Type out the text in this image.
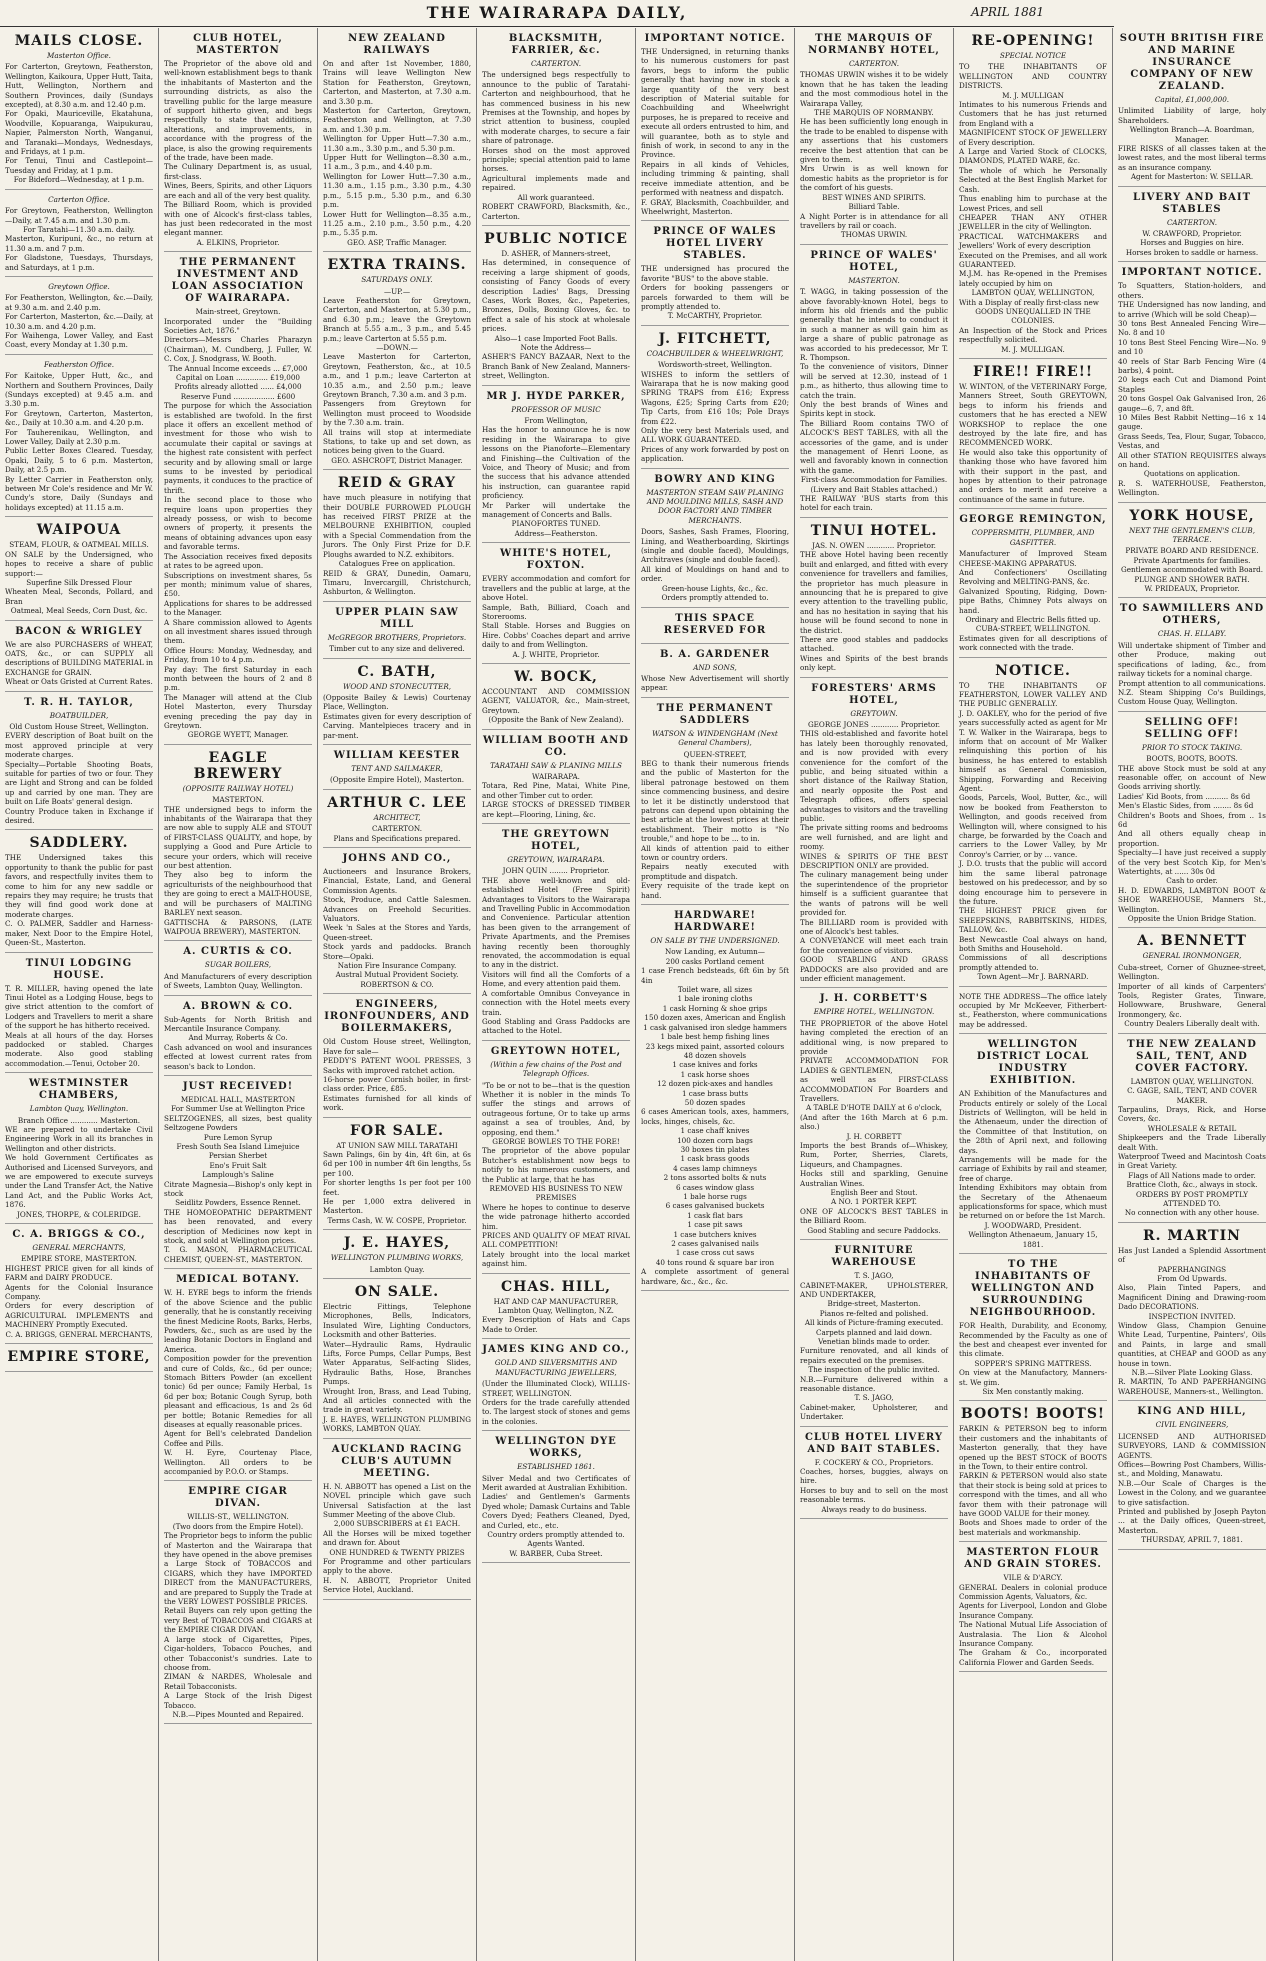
THE WAIRARAPA DAILY,	APRIL 1881
MAILS CLOSE.
Masterton Office.

For Carterton, Greytown, Featherston, Wellington, Kaikoura, Upper Hutt, Taita, Hutt, Wellington, Northern and Southern Provinces, daily (Sundays excepted), at 8.30 a.m. and 12.40 p.m.

For Opaki, Mauriceville, Ekatahuna, Woodville, Kopuaranga, Waipukurau, Napier, Palmerston North, Wanganui, and Taranaki—Mondays, Wednesdays, and Fridays, at 1 p.m.

For Tenui, Tinui and Castlepoint—Tuesday and Friday, at 1 p.m.

For Bideford—Wednesday, at 1 p.m.

Carterton Office.

For Greytown, Featherston, Wellington—Daily, at 7.45 a.m. and 1.30 p.m.

For Taratahi—11.30 a.m. daily.

Masterton, Kuripuni, &c., no return at 11.30 a.m. and 7 p.m.

For Gladstone, Tuesdays, Thursdays, and Saturdays, at 1 p.m.

Greytown Office.

For Featherston, Wellington, &c.—Daily, at 9.30 a.m. and 2.40 p.m.

For Carterton, Masterton, &c.—Daily, at 10.30 a.m. and 4.20 p.m.

For Waihenga, Lower Valley, and East Coast, every Monday at 1.30 p.m.

Featherston Office.

For Kaitoke, Upper Hutt, &c., and Northern and Southern Provinces, Daily (Sundays excepted) at 9.45 a.m. and 3.30 p.m.

For Greytown, Carterton, Masterton, &c., Daily at 10.30 a.m. and 4.20 p.m.

For Tauherenikau, Wellington, and Lower Valley, Daily at 2.30 p.m.

Public Letter Boxes Cleared. Tuesday, Opaki, Daily, 5 to 6 p.m. Masterton, Daily, at 2.5 p.m.

By Letter Carrier in Featherston only, between Mr Cole's residence and Mr W. Cundy's store, Daily (Sundays and holidays excepted) at 11.15 a.m.

WAIPOUA

STEAM, FLOUR, & OATMEAL MILLS.

ON SALE by the Undersigned, who hopes to receive a share of public support:—

Superfine Silk Dressed Flour

Wheaten Meal, Seconds, Pollard, and Bran

Oatmeal, Meal Seeds, Corn Dust, &c.

BACON & WRIGLEY

We are also PURCHASERS of WHEAT, OATS, &c., or can SUPPLY all descriptions of BUILDING MATERIAL in EXCHANGE for GRAIN.

Wheat or Oats Gristed at Current Rates.

T. R. H. TAYLOR,
BOATBUILDER,

Old Custom House Street, Wellington.

EVERY description of Boat built on the most approved principle at very moderate charges.

Specialty—Portable Shooting Boats, suitable for parties of two or four. They are Light and Strong and can be folded up and carried by one man. They are built on Life Boats' general design.

Country Produce taken in Exchange if desired.

SADDLERY.

THE Undersigned takes this opportunity to thank the public for past favors, and respectfully invites them to come to him for any new saddle or repairs they may require; he trusts that they will find good work done at moderate charges.

C. O. PALMER, Saddler and Harness-maker, Next Door to the Empire Hotel, Queen-St., Masterton.

TINUI LODGING HOUSE.

T. R. MILLER, having opened the late Tinui Hotel as a Lodging House, begs to give strict attention to the comfort of Lodgers and Travellers to merit a share of the support he has hitherto received.

Meals at all hours of the day. Horses paddocked or stabled. Charges moderate. Also good stabling accommodation.—Tenui, October 20.

WESTMINSTER CHAMBERS,
Lambton Quay, Wellington.

Branch Office ............ Masterton.

WE are prepared to undertake Civil Engineering Work in all its branches in Wellington and other districts.

We hold Government Certificates as Authorised and Licensed Surveyors, and we are empowered to execute surveys under the Land Transfer Act, the Native Land Act, and the Public Works Act, 1876.

JONES, THORPE, & COLERIDGE.

C. A. BRIGGS & CO.,
GENERAL MERCHANTS,

EMPIRE STORE, MASTERTON.

HIGHEST PRICE given for all kinds of FARM and DAIRY PRODUCE.

Agents for the Colonial Insurance Company.

Orders for every description of AGRICULTURAL IMPLEMENTS and MACHINERY Promptly Executed.

C. A. BRIGGS, GENERAL MERCHANTS,

EMPIRE STORE,
CLUB HOTEL, MASTERTON

The Proprietor of the above old and well-known establishment begs to thank the inhabitants of Masterton and the surrounding districts, as also the travelling public for the large measure of support hitherto given, and begs respectfully to state that additions, alterations, and improvements, in accordance with the progress of the place, is also the growing requirements of the trade, have been made.

The Culinary Department is, as usual, first-class.

Wines, Beers, Spirits, and other Liquors are each and all of the very best quality.

The Billiard Room, which is provided with one of Alcock's first-class tables, has just been redecorated in the most elegant manner.

A. ELKINS, Proprietor.

THE PERMANENT INVESTMENT AND LOAN ASSOCIATION OF WAIRARAPA.

Main-street, Greytown.

Incorporated under the "Building Societies Act, 1876."

Directors—Messrs Charles Pharazyn (Chairman), M. Cundberg, J. Fuller, W. C. Cox, J. Snodgrass, W. Booth.

The Annual Income exceeds ... £7,000

Capital on Loan .............. £19,000

Profits already allotted ...... £4,000

Reserve Fund .................. £600

The purpose for which the Association is established are twofold. In the first place it offers an excellent method of investment for those who wish to accumulate their capital or savings at the highest rate consistent with perfect security and by allowing small or large sums to be invested by periodical payments, it conduces to the practice of thrift.

In the second place to those who require loans upon properties they already possess, or wish to become owners of property, it presents the means of obtaining advances upon easy and favorable terms.

The Association receives fixed deposits at rates to be agreed upon.

Subscriptions on investment shares, 5s per month; minimum value of shares, £50.

Applications for shares to be addressed to the Manager.

A Share commission allowed to Agents on all investment shares issued through them.

Office Hours: Monday, Wednesday, and Friday, from 10 to 4 p.m.

Pay day: The first Saturday in each month between the hours of 2 and 8 p.m.

The Manager will attend at the Club Hotel Masterton, every Thursday evening preceding the pay day in Greytown.

GEORGE WYETT, Manager.

EAGLE BREWERY
(OPPOSITE RAILWAY HOTEL)

MASTERTON.

THE undersigned begs to inform the inhabitants of the Wairarapa that they are now able to supply ALE and STOUT of FIRST-CLASS QUALITY, and hope, by supplying a Good and Pure Article to secure your orders, which will receive our best attention.

They also beg to inform the agriculturists of the neighbourhood that they are going to erect a MALT-HOUSE, and will be purchasers of MALTING BARLEY next season.

GATTISCHA & PARSONS, (LATE WAIPOUA BREWERY), MASTERTON.

A. CURTIS & CO.
SUGAR BOILERS,

And Manufacturers of every description of Sweets, Lambton Quay, Wellington.

A. BROWN & CO.

Sub-Agents for North British and Mercantile Insurance Company.

And Murray, Roberts & Co.

Cash advanced on wool and insurances effected at lowest current rates from season's back to London.

JUST RECEIVED!

MEDICAL HALL, MASTERTON

For Summer Use at Wellington Price

SELTZOGENES, all sizes, best quality Seltzogene Powders

Pure Lemon Syrup

Fresh South Sea Island Limejuice

Persian Sherbet

Eno's Fruit Salt

Lamplough's Saline

Citrate Magnesia—Bishop's only kept in stock

Seidlitz Powders, Essence Rennet.

THE HOMOEOPATHIC DEPARTMENT has been renovated, and every description of Medicines now kept in stock, and sold at Wellington prices.

T. G. MASON, PHARMACEUTICAL CHEMIST, QUEEN-ST., MASTERTON.

MEDICAL BOTANY.

W. H. EYRE begs to inform the friends of the above Science and the public generally, that he is constantly receiving the finest Medicine Roots, Barks, Herbs, Powders, &c., such as are used by the leading Botanic Doctors in England and America.

Composition powder for the prevention and cure of Colds, &c., 6d per ounce; Stomach Bitters Powder (an excellent tonic) 6d per ounce; Family Herbal, 1s 6d per box; Botanic Cough Syrup, both pleasant and efficacious, 1s and 2s 6d per bottle; Botanic Remedies for all diseases at equally reasonable prices.

Agent for Bell's celebrated Dandelion Coffee and Pills.

W. H. Eyre, Courtenay Place, Wellington. All orders to be accompanied by P.O.O. or Stamps.

EMPIRE CIGAR DIVAN.

WILLIS-ST., WELLINGTON.

(Two doors from the Empire Hotel).

The Proprietor begs to inform the public of Masterton and the Wairarapa that they have opened in the above premises a Large Stock of TOBACCOS and CIGARS, which they have IMPORTED DIRECT from the MANUFACTURERS, and are prepared to Supply the Trade at the VERY LOWEST POSSIBLE PRICES.

Retail Buyers can rely upon getting the very Best of TOBACCOS and CIGARS at the EMPIRE CIGAR DIVAN.

A large stock of Cigarettes, Pipes, Cigar-holders, Tobacco Pouches, and other Tobacconist's sundries. Late to choose from.

ZIMAN & NARDES, Wholesale and Retail Tobacconists.

A Large Stock of the Irish Digest Tobacco.

N.B.—Pipes Mounted and Repaired.

NEW ZEALAND RAILWAYS

On and after 1st November, 1880, Trains will leave Wellington New Station for Featherston, Greytown, Carterton, and Masterton, at 7.30 a.m. and 3.30 p.m.

Masterton for Carterton, Greytown, Featherston and Wellington, at 7.30 a.m. and 1.30 p.m.

Wellington for Upper Hutt—7.30 a.m., 11.30 a.m., 3.30 p.m., and 5.30 p.m.

Upper Hutt for Wellington—8.30 a.m., 11 a.m., 3 p.m., and 4.40 p.m.

Wellington for Lower Hutt—7.30 a.m., 11.30 a.m., 1.15 p.m., 3.30 p.m., 4.30 p.m., 5.15 p.m., 5.30 p.m., and 6.30 p.m.

Lower Hutt for Wellington—8.35 a.m., 11.25 a.m., 2.10 p.m., 3.50 p.m., 4.20 p.m., 5.35 p.m.

GEO. ASP, Traffic Manager.

EXTRA TRAINS.
SATURDAYS ONLY.

—UP.—

Leave Featherston for Greytown, Carterton, and Masterton, at 5.30 p.m., and 6.30 p.m.; leave the Greytown Branch at 5.55 a.m., 3 p.m., and 5.45 p.m.; leave Carterton at 5.55 p.m.

—DOWN.—

Leave Masterton for Carterton, Greytown, Featherston, &c., at 10.5 a.m., and 1 p.m.; leave Carterton at 10.35 a.m., and 2.50 p.m.; leave Greytown Branch, 7.30 a.m. and 3 p.m.

Passengers from Greytown for Wellington must proceed to Woodside by the 7.30 a.m. train.

All trains will stop at intermediate Stations, to take up and set down, as notices being given to the Guard.

GEO. ASHCROFT, District Manager.

REID & GRAY

have much pleasure in notifying that their DOUBLE FURROWED PLOUGH has received FIRST PRIZE at the MELBOURNE EXHIBITION, coupled with a Special Commendation from the Jurors. The Only First Prize for D.F. Ploughs awarded to N.Z. exhibitors.

Catalogues Free on application.

REID & GRAY, Dunedin, Oamaru, Timaru, Invercargill, Christchurch, Ashburton, & Wellington.

UPPER PLAIN SAW MILL
McGREGOR BROTHERS, Proprietors.

Timber cut to any size and delivered.

C. BATH,
WOOD AND STONECUTTER,

(Opposite Bailey & Lewis) Courtenay Place, Wellington.

Estimates given for every description of Carving. Mantelpieces tracery and in par-ment.

WILLIAM KEESTER
TENT AND SAILMAKER,

(Opposite Empire Hotel), Masterton.

ARTHUR C. LEE
ARCHITECT,

CARTERTON.

Plans and Specifications prepared.

JOHNS AND CO.,

Auctioneers and Insurance Brokers, Financial, Estate, Land, and General Commission Agents.

Stock, Produce, and Cattle Salesmen. Advances on Freehold Securities. Valuators.

Week 'n Sales at the Stores and Yards, Queen-street.

Stock yards and paddocks. Branch Store—Opaki.

Nation Fire Insurance Company.

Austral Mutual Provident Society.

ROBERTSON & CO.

ENGINEERS, IRONFOUNDERS, AND BOILERMAKERS,

Old Custom House street, Wellington, Have for sale—

PEDDY'S PATENT WOOL PRESSES, 3 Sacks with improved ratchet action.

16-horse power Cornish boiler, in first-class order. Price, £85.

Estimates furnished for all kinds of work.

FOR SALE.

AT UNION SAW MILL TARATAHI

Sawn Palings, 6in by 4in, 4ft 6in, at 6s 6d per 100 in number 4ft 6in lengths, 5s per 100.

For shorter lengths 1s per foot per 100 feet.

He per 1,000 extra delivered in Masterton.

Terms Cash, W. W. COSPE, Proprietor.

J. E. HAYES,
WELLINGTON PLUMBING WORKS,

Lambton Quay.

ON SALE.

Electric Fittings, Telephone Microphones, Bells, Indicators, Insulated Wire, Lighting Conductors, Locksmith and other Batteries.

Water—Hydraulic Rams, Hydraulic Lifts, Force Pumps, Cellar Pumps, Best Water Apparatus, Self-acting Slides, Hydraulic Baths, Hose, Branches Pumps.

Wrought Iron, Brass, and Lead Tubing, And all articles connected with the trade in great variety.

J. E. HAYES, WELLINGTON PLUMBING WORKS, LAMBTON QUAY.

AUCKLAND RACING CLUB'S AUTUMN MEETING.

H. N. ABBOTT has opened a List on the NOVEL principle which gave such Universal Satisfaction at the last Summer Meeting of the above Club.

2,000 SUBSCRIBERS at £1 EACH.

All the Horses will be mixed together and drawn for. About

ONE HUNDRED & TWENTY PRIZES

For Programme and other particulars apply to the above.

H. N. ABBOTT, Proprietor United Service Hotel, Auckland.

BLACKSMITH, FARRIER, &c.
CARTERTON.

The undersigned begs respectfully to announce to the public of Taratahi-Carterton and neighbourhood, that he has commenced business in his new Premises at the Township, and hopes by strict attention to business, coupled with moderate charges, to secure a fair share of patronage.

Horses shod on the most approved principle; special attention paid to lame horses.

Agricultural implements made and repaired.

All work guaranteed.

ROBERT CRAWFORD, Blacksmith, &c., Carterton.

PUBLIC NOTICE

D. ASHER, of Manners-street,

Has determined, in consequence of receiving a large shipment of goods, consisting of Fancy Goods of every description Ladies' Bags, Dressing Cases, Work Boxes, &c., Papeteries, Bronzes, Dolls, Boxing Gloves, &c. to effect a sale of his stock at wholesale prices.

Also—1 case Imported Foot Balls.

Note the Address—

ASHER'S FANCY BAZAAR, Next to the Branch Bank of New Zealand, Manners-street, Wellington.

MR J. HYDE PARKER,
PROFESSOR OF MUSIC

From Wellington,

Has the honor to announce he is now residing in the Wairarapa to give lessons on the Pianoforte—Elementary and Finishing—the Cultivation of the Voice, and Theory of Music; and from the success that his advance attended his instruction, can guarantee rapid proficiency.

Mr Parker will undertake the management of Concerts and Balls.

PIANOFORTES TUNED.

Address—Featherston.

WHITE'S HOTEL, FOXTON.

EVERY accommodation and comfort for travellers and the public at large, at the above Hotel.

Sample, Bath, Billiard, Coach and Storerooms.

Stall Stable. Horses and Buggies on Hire. Cobbs' Coaches depart and arrive daily to and from Wellington.

A. J. WHITE, Proprietor.

W. BOCK,

ACCOUNTANT AND COMMISSION AGENT, VALUATOR, &c., Main-street, Greytown.

(Opposite the Bank of New Zealand).

WILLIAM BOOTH AND CO.
TARATAHI SAW & PLANING MILLS

WAIRARAPA.

Totara, Red Pine, Matai, White Pine, and other Timber cut to order.

LARGE STOCKS of DRESSED TIMBER are kept—Flooring, Lining, &c.

THE GREYTOWN HOTEL,
GREYTOWN, WAIRARAPA.

JOHN QUIN ........ Proprietor.

THE above well-known and old-established Hotel (Free Spirit) Advantages to Visitors to the Wairarapa and Travelling Public in Accommodation and Convenience. Particular attention has been given to the arrangement of Private Apartments, and the Premises having recently been thoroughly renovated, the accommodation is equal to any in the district.

Visitors will find all the Comforts of a Home, and every attention paid them.

A comfortable Omnibus Conveyance in connection with the Hotel meets every train.

Good Stabling and Grass Paddocks are attached to the Hotel.

GREYTOWN HOTEL,
(Within a few chains of the Post and Telegraph Offices.

"To be or not to be—that is the question Whether it is nobler in the minds To suffer the stings and arrows of outrageous fortune, Or to take up arms against a sea of troubles, And, by opposing, end them."

GEORGE BOWLES TO THE FORE!

The proprietor of the above popular Butcher's establishment now begs to notify to his numerous customers, and the Public at large, that he has

REMOVED HIS BUSINESS TO NEW PREMISES

Where he hopes to continue to deserve the wide patronage hitherto accorded him.

PRICES AND QUALITY OF MEAT RIVAL ALL COMPETITION!

Lately brought into the local market against him.

CHAS. HILL,

HAT AND CAP MANUFACTURER,

Lambton Quay, Wellington, N.Z.

Every Description of Hats and Caps Made to Order.

JAMES KING AND CO.,
GOLD AND SILVERSMITHS AND MANUFACTURING JEWELLERS,

(Under the Illuminated Clock), WILLIS-STREET, WELLINGTON.

Orders for the trade carefully attended to. The largest stock of stones and gems in the colonies.

WELLINGTON DYE WORKS,
ESTABLISHED 1861.

Silver Medal and two Certificates of Merit awarded at Australian Exhibition.

Ladies' and Gentlemen's Garments Dyed whole; Damask Curtains and Table Covers Dyed; Feathers Cleaned, Dyed, and Curled, etc., etc.

Country orders promptly attended to.

Agents Wanted.

W. BARBER, Cuba Street.

IMPORTANT NOTICE.

THE Undersigned, in returning thanks to his numerous customers for past favors, begs to inform the public generally that having now in stock a large quantity of the very best description of Material suitable for Coachbuilding and Wheelwright purposes, he is prepared to receive and execute all orders entrusted to him, and will guarantee, both as to style and finish of work, in second to any in the Province.

Repairs in all kinds of Vehicles, including trimming & painting, shall receive immediate attention, and be performed with neatness and dispatch.

F. GRAY, Blacksmith, Coachbuilder, and Wheelwright, Masterton.

PRINCE OF WALES HOTEL LIVERY STABLES.

THE undersigned has procured the favorite "BUS" to the above stable.

Orders for booking passengers or parcels forwarded to them will be promptly attended to.

T. McCARTHY, Proprietor.

J. FITCHETT,
COACHBUILDER & WHEELWRIGHT,

Wordsworth-street, Wellington.

WISHES to inform the settlers of Wairarapa that he is now making good SPRING TRAPS from £16; Express Wagons, £25; Spring Carts from £20; Tip Carts, from £16 10s; Pole Drays from £22.

Only the very best Materials used, and ALL WORK GUARANTEED.

Prices of any work forwarded by post on application.

BOWRY AND KING
MASTERTON STEAM SAW PLANING AND MOULDING MILLS, SASH AND DOOR FACTORY AND TIMBER MERCHANTS.

Doors, Sashes, Sash Frames, Flooring, Lining, and Weatherboarding, Skirtings (single and double faced), Mouldings, Architraves (single and double faced).

All kind of Mouldings on hand and to order.

Green-house Lights, &c., &c.

Orders promptly attended to.

THIS SPACE RESERVED FOR
B. A. GARDENER
AND SONS,

Whose New Advertisement will shortly appear.

THE PERMANENT SADDLERS
WATSON & WINDENGHAM (Next General Chambers),

QUEEN-STREET,

BEG to thank their numerous friends and the public of Masterton for the liberal patronage bestowed on them since commencing business, and desire to let it be distinctly understood that patrons can depend upon obtaining the best article at the lowest prices at their establishment. Their motto is "No trouble," and hope to be ... to in.

All kinds of attention paid to either town or country orders.

Repairs neatly executed with promptitude and dispatch.

Every requisite of the trade kept on hand.

HARDWARE! HARDWARE!
ON SALE BY THE UNDERSIGNED.

Now Landing, ex Autumn—

200 casks Portland cement

1 case French bedsteads, 6ft 6in by 5ft 4in

Toilet ware, all sizes

1 bale ironing cloths

1 cask Horning & shoe grips

150 dozen axes, American and English

1 cask galvanised iron sledge hammers

1 bale best hemp fishing lines

23 kegs mixed paint, assorted colours

48 dozen shovels

1 case knives and forks

1 cask horse shoes

12 dozen pick-axes and handles

1 case brass butts

50 dozen spades

6 cases American tools, axes, hammers, locks, hinges, chisels, &c.

1 case chaff knives

100 dozen corn bags

30 boxes tin plates

1 cask brass goods

4 cases lamp chimneys

2 tons assorted bolts & nuts

6 cases window glass

1 bale horse rugs

6 cases galvanised buckets

1 cask flat bars

1 case pit saws

1 case butchers knives

2 cases galvanised nails

1 case cross cut saws

40 tons round & square bar iron

A complete assortment of general hardware, &c., &c., &c.

THE MARQUIS OF NORMANBY HOTEL,
CARTERTON.

THOMAS URWIN wishes it to be widely known that he has taken the leading and the most commodious hotel in the Wairarapa Valley,

THE MARQUIS OF NORMANBY.

He has been sufficiently long enough in the trade to be enabled to dispense with any assertions that his customers receive the best attention that can be given to them.

Mrs Urwin is as well known for domestic habits as the proprietor is for the comfort of his guests.

BEST WINES AND SPIRITS.

Billiard Table.

A Night Porter is in attendance for all travellers by rail or coach.

THOMAS URWIN.

PRINCE OF WALES' HOTEL,
MASTERTON.

T. WAGG, in taking possession of the above favorably-known Hotel, begs to inform his old friends and the public generally that he intends to conduct it in such a manner as will gain him as large a share of public patronage as was accorded to his predecessor, Mr T. R. Thompson.

To the convenience of visitors, Dinner will be served at 12.30, instead of 1 p.m., as hitherto, thus allowing time to catch the train.

Only the best brands of Wines and Spirits kept in stock.

The Billiard Room contains TWO of ALCOCK'S BEST TABLES, with all the accessories of the game, and is under the management of Henri Loone, as well and favorably known in connection with the game.

First-class Accommodation for Families.

(Livery and Bait Stables attached.)

THE RAILWAY 'BUS starts from this hotel for each train.

TINUI HOTEL.

JAS. N. OWEN ............ Proprietor.

THE above Hotel having been recently built and enlarged, and fitted with every convenience for travellers and families, the proprietor has much pleasure in announcing that he is prepared to give every attention to the travelling public, and has no hesitation in saying that his house will be found second to none in the district.

There are good stables and paddocks attached.

Wines and Spirits of the best brands only kept.

FORESTERS' ARMS HOTEL,
GREYTOWN.

GEORGE JONES ............ Proprietor.

THIS old-established and favorite hotel has lately been thoroughly renovated, and is now provided with every convenience for the comfort of the public, and being situated within a short distance of the Railway Station, and nearly opposite the Post and Telegraph offices, offers special advantages to visitors and the travelling public.

The private sitting rooms and bedrooms are well furnished, and are light and roomy.

WINES & SPIRITS OF THE BEST DESCRIPTION ONLY are provided.

The culinary management being under the superintendence of the proprietor himself is a sufficient guarantee that the wants of patrons will be well provided for.

The BILLIARD room is provided with one of Alcock's best tables.

A CONVEYANCE will meet each train for the convenience of visitors.

GOOD STABLING AND GRASS PADDOCKS are also provided and are under efficient management.

J. H. CORBETT'S
EMPIRE HOTEL, WELLINGTON.

THE PROPRIETOR of the above Hotel having completed the erection of an additional wing, is now prepared to provide

PRIVATE ACCOMMODATION FOR LADIES & GENTLEMEN,

as well as FIRST-CLASS ACCOMMODATION For Boarders and Travellers.

A TABLE D'HOTE DAILY at 6 o'clock,

(And after the 16th March at 6 p.m. also.)

J. H. CORBETT

Imports the best Brands of—Whiskey, Rum, Porter, Sherries, Clarets, Liqueurs, and Champagnes.

Hocks still and sparkling, Genuine Australian Wines.

English Beer and Stout.

A NO. 1 PORTER KEPT.

ONE OF ALCOCK'S BEST TABLES in the Billiard Room.

Good Stabling and secure Paddocks.

FURNITURE WAREHOUSE

T. S. JAGO,

CABINET-MAKER, UPHOLSTERER, AND UNDERTAKER,

Bridge-street, Masterton.

Pianos re-felted and polished.

All kinds of Picture-framing executed.

Carpets planned and laid down.

Venetian blinds made to order.

Furniture renovated, and all kinds of repairs executed on the premises.

The inspection of the public invited.

N.B.—Furniture delivered within a reasonable distance.

T. S. JAGO,

Cabinet-maker, Upholsterer, and Undertaker.

CLUB HOTEL LIVERY AND BAIT STABLES.

F. COCKERY & CO., Proprietors.

Coaches, horses, buggies, always on hire.

Horses to buy and to sell on the most reasonable terms.

Always ready to do business.

RE-OPENING!
SPECIAL NOTICE

TO THE INHABITANTS OF WELLINGTON AND COUNTRY DISTRICTS.

M. J. MULLIGAN

Intimates to his numerous Friends and Customers that he has just returned from England with a

MAGNIFICENT STOCK OF JEWELLERY of Every description.

A Large and Varied Stock of CLOCKS, DIAMONDS, PLATED WARE, &c.

The whole of which he Personally Selected at the Best English Market for Cash.

Thus enabling him to purchase at the Lowest Prices, and sell

CHEAPER THAN ANY OTHER JEWELLER in the city of Wellington.

PRACTICAL WATCHMAKERS and Jewellers' Work of every description

Executed on the Premises, and all work GUARANTEED.

M.J.M. has Re-opened in the Premises lately occupied by him on

LAMBTON QUAY, WELLINGTON,

With a Display of really first-class new

GOODS UNEQUALLED IN THE COLONIES.

An Inspection of the Stock and Prices respectfully solicited.

M. J. MULLIGAN.

FIRE!! FIRE!!

W. WINTON, of the VETERINARY Forge, Manners Street, South GREYTOWN, begs to inform his friends and customers that he has erected a NEW WORKSHOP to replace the one destroyed by the late fire, and has RECOMMENCED WORK.

He would also take this opportunity of thanking those who have favored him with their support in the past, and hopes by attention to their patronage and orders to merit and receive a continuance of the same in future.

GEORGE REMINGTON,
COPPERSMITH, PLUMBER, AND GASFITTER.

Manufacturer of Improved Steam CHEESE-MAKING APPARATUS.

And Confectioners' Oscillating Revolving and MELTING-PANS, &c.

Galvanized Spouting, Ridging, Down-pipe Baths, Chimney Pots always on hand.

Ordinary and Electric Bells fitted up.

CUBA-STREET, WELLINGTON.

Estimates given for all descriptions of work connected with the trade.

NOTICE.

TO THE INHABITANTS OF FEATHERSTON, LOWER VALLEY AND THE PUBLIC GENERALLY.

J. D. OAKLEY, who for the period of five years successfully acted as agent for Mr T. W. Walker in the Wairarapa, begs to inform that on account of Mr Walker relinquishing this portion of his business, he has entered to establish himself as General Commission, Shipping, Forwarding and Receiving Agent.

Goods, Parcels, Wool, Butter, &c., will now be booked from Featherston to Wellington, and goods received from Wellington will, where consigned to his charge, be forwarded by the Coach and carriers to the Lower Valley, by Mr Conroy's Carrier, or by ... vance.

J. D.O. trusts that the public will accord him the same liberal patronage bestowed on his predecessor, and by so doing encourage him to persevere in the future.

THE HIGHEST PRICE given for SHEEPSKINS, RABBITSKINS, HIDES, TALLOW, &c.

Best Newcastle Coal always on hand, both Smiths and Household.

Commissions of all descriptions promptly attended to.

Town Agent—Mr J. BARNARD.

NOTE THE ADDRESS—The office lately occupied by Mr McKeever, Fitherbert-st., Featherston, where communications may be addressed.

WELLINGTON DISTRICT LOCAL INDUSTRY EXHIBITION.

AN Exhibition of the Manufactures and Products entirely or solely of the Local Districts of Wellington, will be held in the Athenaeum, under the direction of the Committee of that Institution, on the 28th of April next, and following days.

Arrangements will be made for the carriage of Exhibits by rail and steamer, free of charge.

Intending Exhibitors may obtain from the Secretary of the Athenaeum applicationsforms for space, which must be returned on or before the 1st March.

J. WOODWARD, President.

Wellington Athenaeum, January 15, 1881.

TO THE INHABITANTS OF WELLINGTON AND SURROUNDING NEIGHBOURHOOD.

FOR Health, Durability, and Economy, Recommended by the Faculty as one of the best and cheapest ever invented for this climate.

SOPPER'S SPRING MATTRESS.

On view at the Manufactory, Manners-st. We gim.

Six Men constantly making.

BOOTS! BOOTS!

FARKIN & PETERSON beg to inform their customers and the inhabitants of Masterton generally, that they have opened up the BEST STOCK of BOOTS in the Town, to their entire control.

FARKIN & PETERSON would also state that their stock is being sold at prices to correspond with the times, and all who favor them with their patronage will have GOOD VALUE for their money.

Boots and Shoes made to order of the best materials and workmanship.

MASTERTON FLOUR AND GRAIN STORES.

VILE & D'ARCY.

GENERAL Dealers in colonial produce Commission Agents, Valuators, &c.

Agents for Liverpool, London and Globe Insurance Company.

The National Mutual Life Association of Australasia. The Lion & Alcohol Insurance Company.

The Graham & Co., incorporated California Flower and Garden Seeds.

SOUTH BRITISH FIRE AND MARINE INSURANCE COMPANY OF NEW ZEALAND.
Capital, £1,000,000.

Unlimited Liability of large, holy Shareholders.

Wellington Branch—A. Boardman, Manager.

FIRE RISKS of all classes taken at the lowest rates, and the most liberal terms as an insurance company.

Agent for Masterton: W. SELLAR.

LIVERY AND BAIT STABLES
CARTERTON.

W. CRAWFORD, Proprietor.

Horses and Buggies on hire.

Horses broken to saddle or harness.

IMPORTANT NOTICE.

To Squatters, Station-holders, and others.

THE Undersigned has now landing, and to arrive (Which will be sold Cheap)—

30 tons Best Annealed Fencing Wire—No. 8 and 10

10 tons Best Steel Fencing Wire—No. 9 and 10

40 reels of Star Barb Fencing Wire (4 barbs), 4 point.

20 kegs each Cut and Diamond Point Staples

20 tons Gospel Oak Galvanised Iron, 26 gauge—6, 7, and 8ft.

10 Miles Best Rabbit Netting—16 x 14 gauge.

Grass Seeds, Tea, Flour, Sugar, Tobacco, Vestas, and

All other STATION REQUISITES always on hand.

Quotations on application.

R. S. WATERHOUSE, Featherston, Wellington.

YORK HOUSE,
NEXT THE GENTLEMEN'S CLUB, TERRACE.

PRIVATE BOARD AND RESIDENCE.

Private Apartments for families.

Gentlemen accommodated with Board.

PLUNGE AND SHOWER BATH.

W. PRIDEAUX, Proprietor.

TO SAWMILLERS AND OTHERS,
CHAS. H. ELLABY.

Will undertake shipment of Timber and other Produce, making out specifications of lading, &c., from railway tickets for a nominal charge.

Prompt attention to all communications.

N.Z. Steam Shipping Co's Buildings, Custom House Quay, Wellington.

SELLING OFF! SELLING OFF!
PRIOR TO STOCK TAKING.

BOOTS, BOOTS, BOOTS.

THE above Stock must be sold at any reasonable offer, on account of New Goods arriving shortly.

Ladies' Kid Boots, from .......... 8s 6d

Men's Elastic Sides, from ........ 8s 6d

Children's Boots and Shoes, from .. 1s 6d

And all others equally cheap in proportion.

Specialty—I have just received a supply of the very best Scotch Kip, for Men's Watertights, at ...... 30s 0d

Cash to order.

H. D. EDWARDS, LAMBTON BOOT & SHOE WAREHOUSE, Manners St., Wellington.

Opposite the Union Bridge Station.

A. BENNETT
GENERAL IRONMONGER,

Cuba-street, Corner of Ghuznee-street, Wellington.

Importer of all kinds of Carpenters' Tools, Register Grates, Tinware, Hollowware, Brushware, General Ironmongery, &c.

Country Dealers Liberally dealt with.

THE NEW ZEALAND SAIL, TENT, AND COVER FACTORY.

LAMBTON QUAY, WELLINGTON.

C. GAGE, SAIL, TENT, AND COVER MAKER.

Tarpaulins, Drays, Rick, and Horse Covers, &c.

WHOLESALE & RETAIL

Shipkeepers and the Trade Liberally dealt With.

Waterproof Tweed and Macintosh Coats in Great Variety.

Flags of All Nations made to order.

Brattice Cloth, &c., always in stock.

ORDERS BY POST PROMPTLY ATTENDED TO.

No connection with any other house.

R. MARTIN

Has Just Landed a Splendid Assortment of

PAPERHANGINGS

From Od Upwards.

Also, Plain Tinted Papers, and Magnificent Dining and Drawing-room Dado DECORATIONS.

INSPECTION INVITED.

Window Glass, Champion Genuine White Lead, Turpentine, Painters', Oils and Paints, in large and small quantities, at CHEAP and GOOD as any house in town.

N.B.—Silver Plate Looking Glass.

R. MARTIN, To AND PAPERHANGING WAREHOUSE, Manners-st., Wellington.

KING AND HILL,
CIVIL ENGINEERS,

LICENSED AND AUTHORISED SURVEYORS, LAND & COMMISSION AGENTS.

Offices—Bowring Post Chambers, Willis-st., and Molding, Manawatu.

N.B.—Our Scale of Charges is the Lowest in the Colony, and we guarantee to give satisfaction.

Printed and published by Joseph Payton ... at the Daily offices, Queen-street, Masterton.

THURSDAY, APRIL 7, 1881.
